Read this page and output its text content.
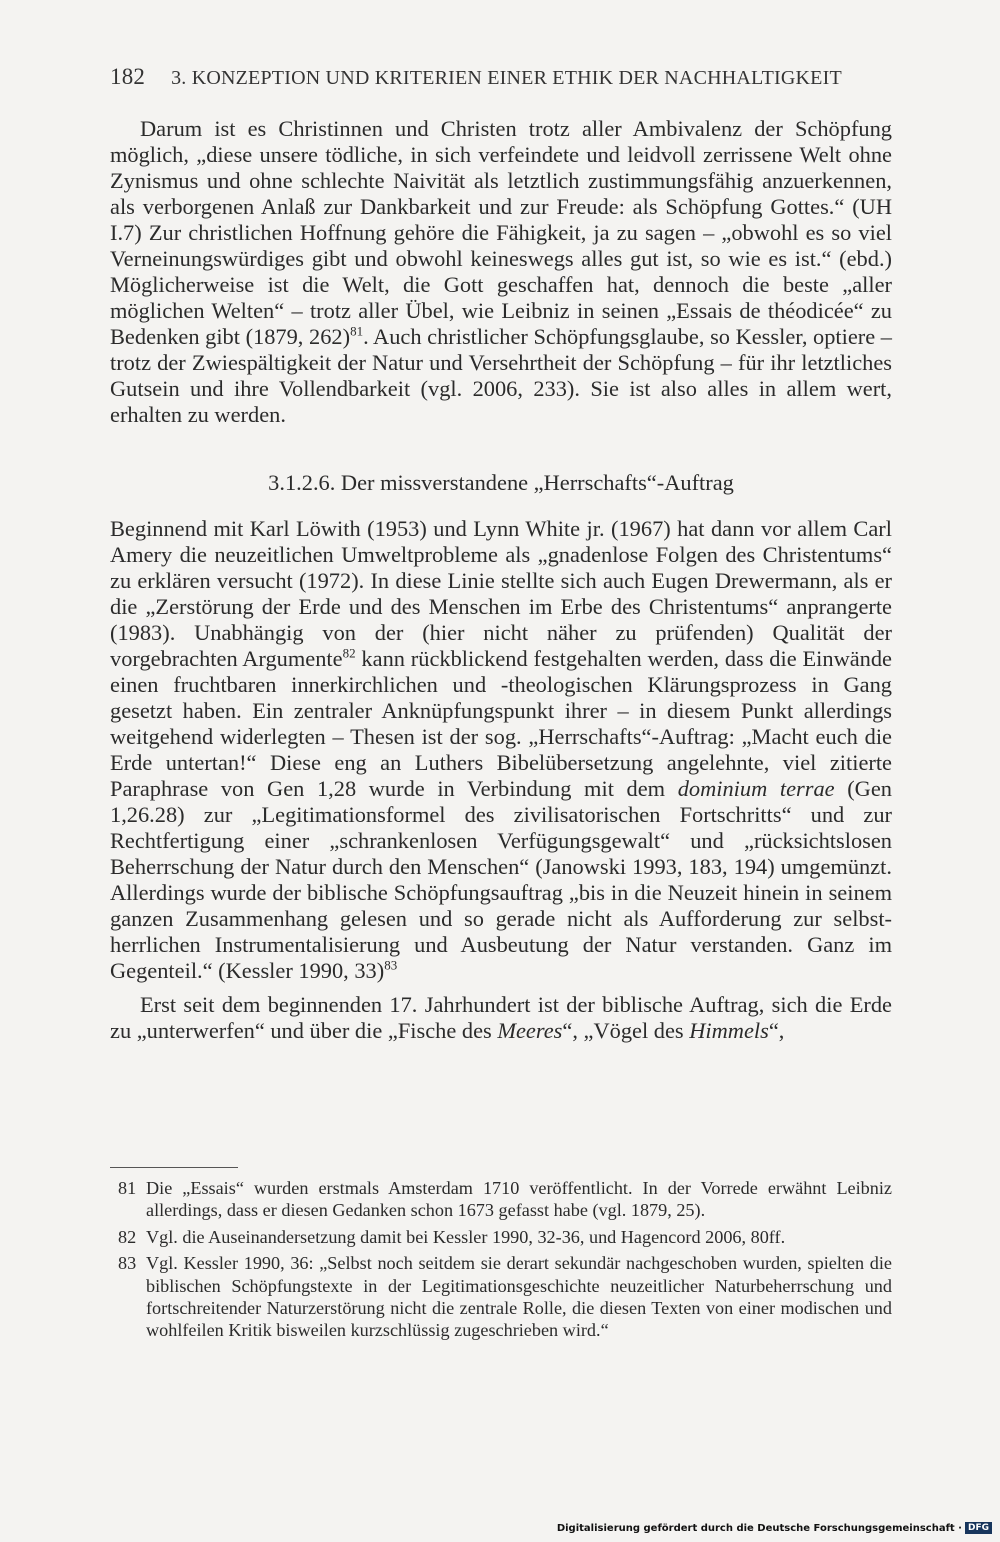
182 3. KONZEPTION UND KRITERIEN EINER ETHIK DER NACHHALTIGKEIT

Darum ist es Christinnen und Christen trotz aller Ambivalenz der Schöpfung möglich, „diese unsere tödliche, in sich verfeindete und leidvoll zerrissene Welt ohne Zynismus und ohne schlechte Naivität als letztlich zustimmungsfähig anzuerkennen, als verborgenen Anlaß zur Dankbarkeit und zur Freude: als Schöpfung Gottes.“ (UH I.7) Zur christlichen Hoffnung gehöre die Fähigkeit, ja zu sagen – „obwohl es so viel Verneinungswürdiges gibt und obwohl keineswegs alles gut ist, so wie es ist.“ (ebd.) Möglicherweise ist die Welt, die Gott geschaffen hat, dennoch die beste „aller möglichen Welten“ – trotz aller Übel, wie Leibniz in seinen „Essais de théodicée“ zu Bedenken gibt (1879, 262)$^{81}$. Auch christlicher Schöpfungsglaube, so Kessler, optiere – trotz der Zwiespältigkeit der Natur und Versehrtheit der Schöpfung – für ihr letztliches Gutsein und ihre Vollendbarkeit (vgl. 2006, 233). Sie ist also alles in allem wert, erhalten zu werden.

3.1.2.6. Der missverstandene „Herrschafts“-Auftrag

Beginnend mit Karl Löwith (1953) und Lynn White jr. (1967) hat dann vor allem Carl Amery die neuzeitlichen Umweltprobleme als „gnadenlose Folgen des Christentums“ zu erklären versucht (1972). In diese Linie stellte sich auch Eugen Drewermann, als er die „Zerstörung der Erde und des Menschen im Erbe des Christentums“ anprangerte (1983). Unabhängig von der (hier nicht näher zu prüfenden) Qualität der vorgebrachten Argumente$^{82}$ kann rückblickend festgehalten werden, dass die Einwände einen fruchtbaren innerkirchlichen und -theologischen Klärungsprozess in Gang gesetzt haben. Ein zentraler Anknüpfungspunkt ihrer – in diesem Punkt allerdings weitgehend widerlegten – Thesen ist der sog. „Herrschafts“-Auftrag: „Macht euch die Erde untertan!“ Diese eng an Luthers Bibelübersetzung angelehnte, viel zitierte Paraphrase von Gen 1,28 wurde in Verbindung mit dem dominium terrae (Gen 1,26.28) zur „Legitimationsformel des zivilisatorischen Fortschritts“ und zur Rechtfertigung einer „schrankenlosen Verfügungsgewalt“ und „rücksichtslosen Beherrschung der Natur durch den Menschen“ (Janowski 1993, 183, 194) umgemünzt. Allerdings wurde der biblische Schöpfungsauftrag „bis in die Neuzeit hinein in seinem ganzen Zusammenhang gelesen und so gerade nicht als Aufforderung zur selbst-herrlichen Instrumentalisierung und Ausbeutung der Natur verstanden. Ganz im Gegenteil.“ (Kessler 1990, 33)$^{83}$

Erst seit dem beginnenden 17. Jahrhundert ist der biblische Auftrag, sich die Erde zu „unterwerfen“ und über die „Fische des Meeres“, „Vögel des Himmels“,

81 Die „Essais“ wurden erstmals Amsterdam 1710 veröffentlicht. In der Vorrede erwähnt Leibniz allerdings, dass er diesen Gedanken schon 1673 gefasst habe (vgl. 1879, 25).
82 Vgl. die Auseinandersetzung damit bei Kessler 1990, 32-36, und Hagencord 2006, 80ff.
83 Vgl. Kessler 1990, 36: „Selbst noch seitdem sie derart sekundär nachgeschoben wurden, spielten die biblischen Schöpfungstexte in der Legitimationsgeschichte neuzeitlicher Naturbeherrschung und fortschreitender Naturzerstörung nicht die zentrale Rolle, die diesen Texten von einer modischen und wohlfeilen Kritik bisweilen kurzschlüssig zugeschrieben wird.“
Digitalisierung gefördert durch die Deutsche Forschungsgemeinschaft · DFG
